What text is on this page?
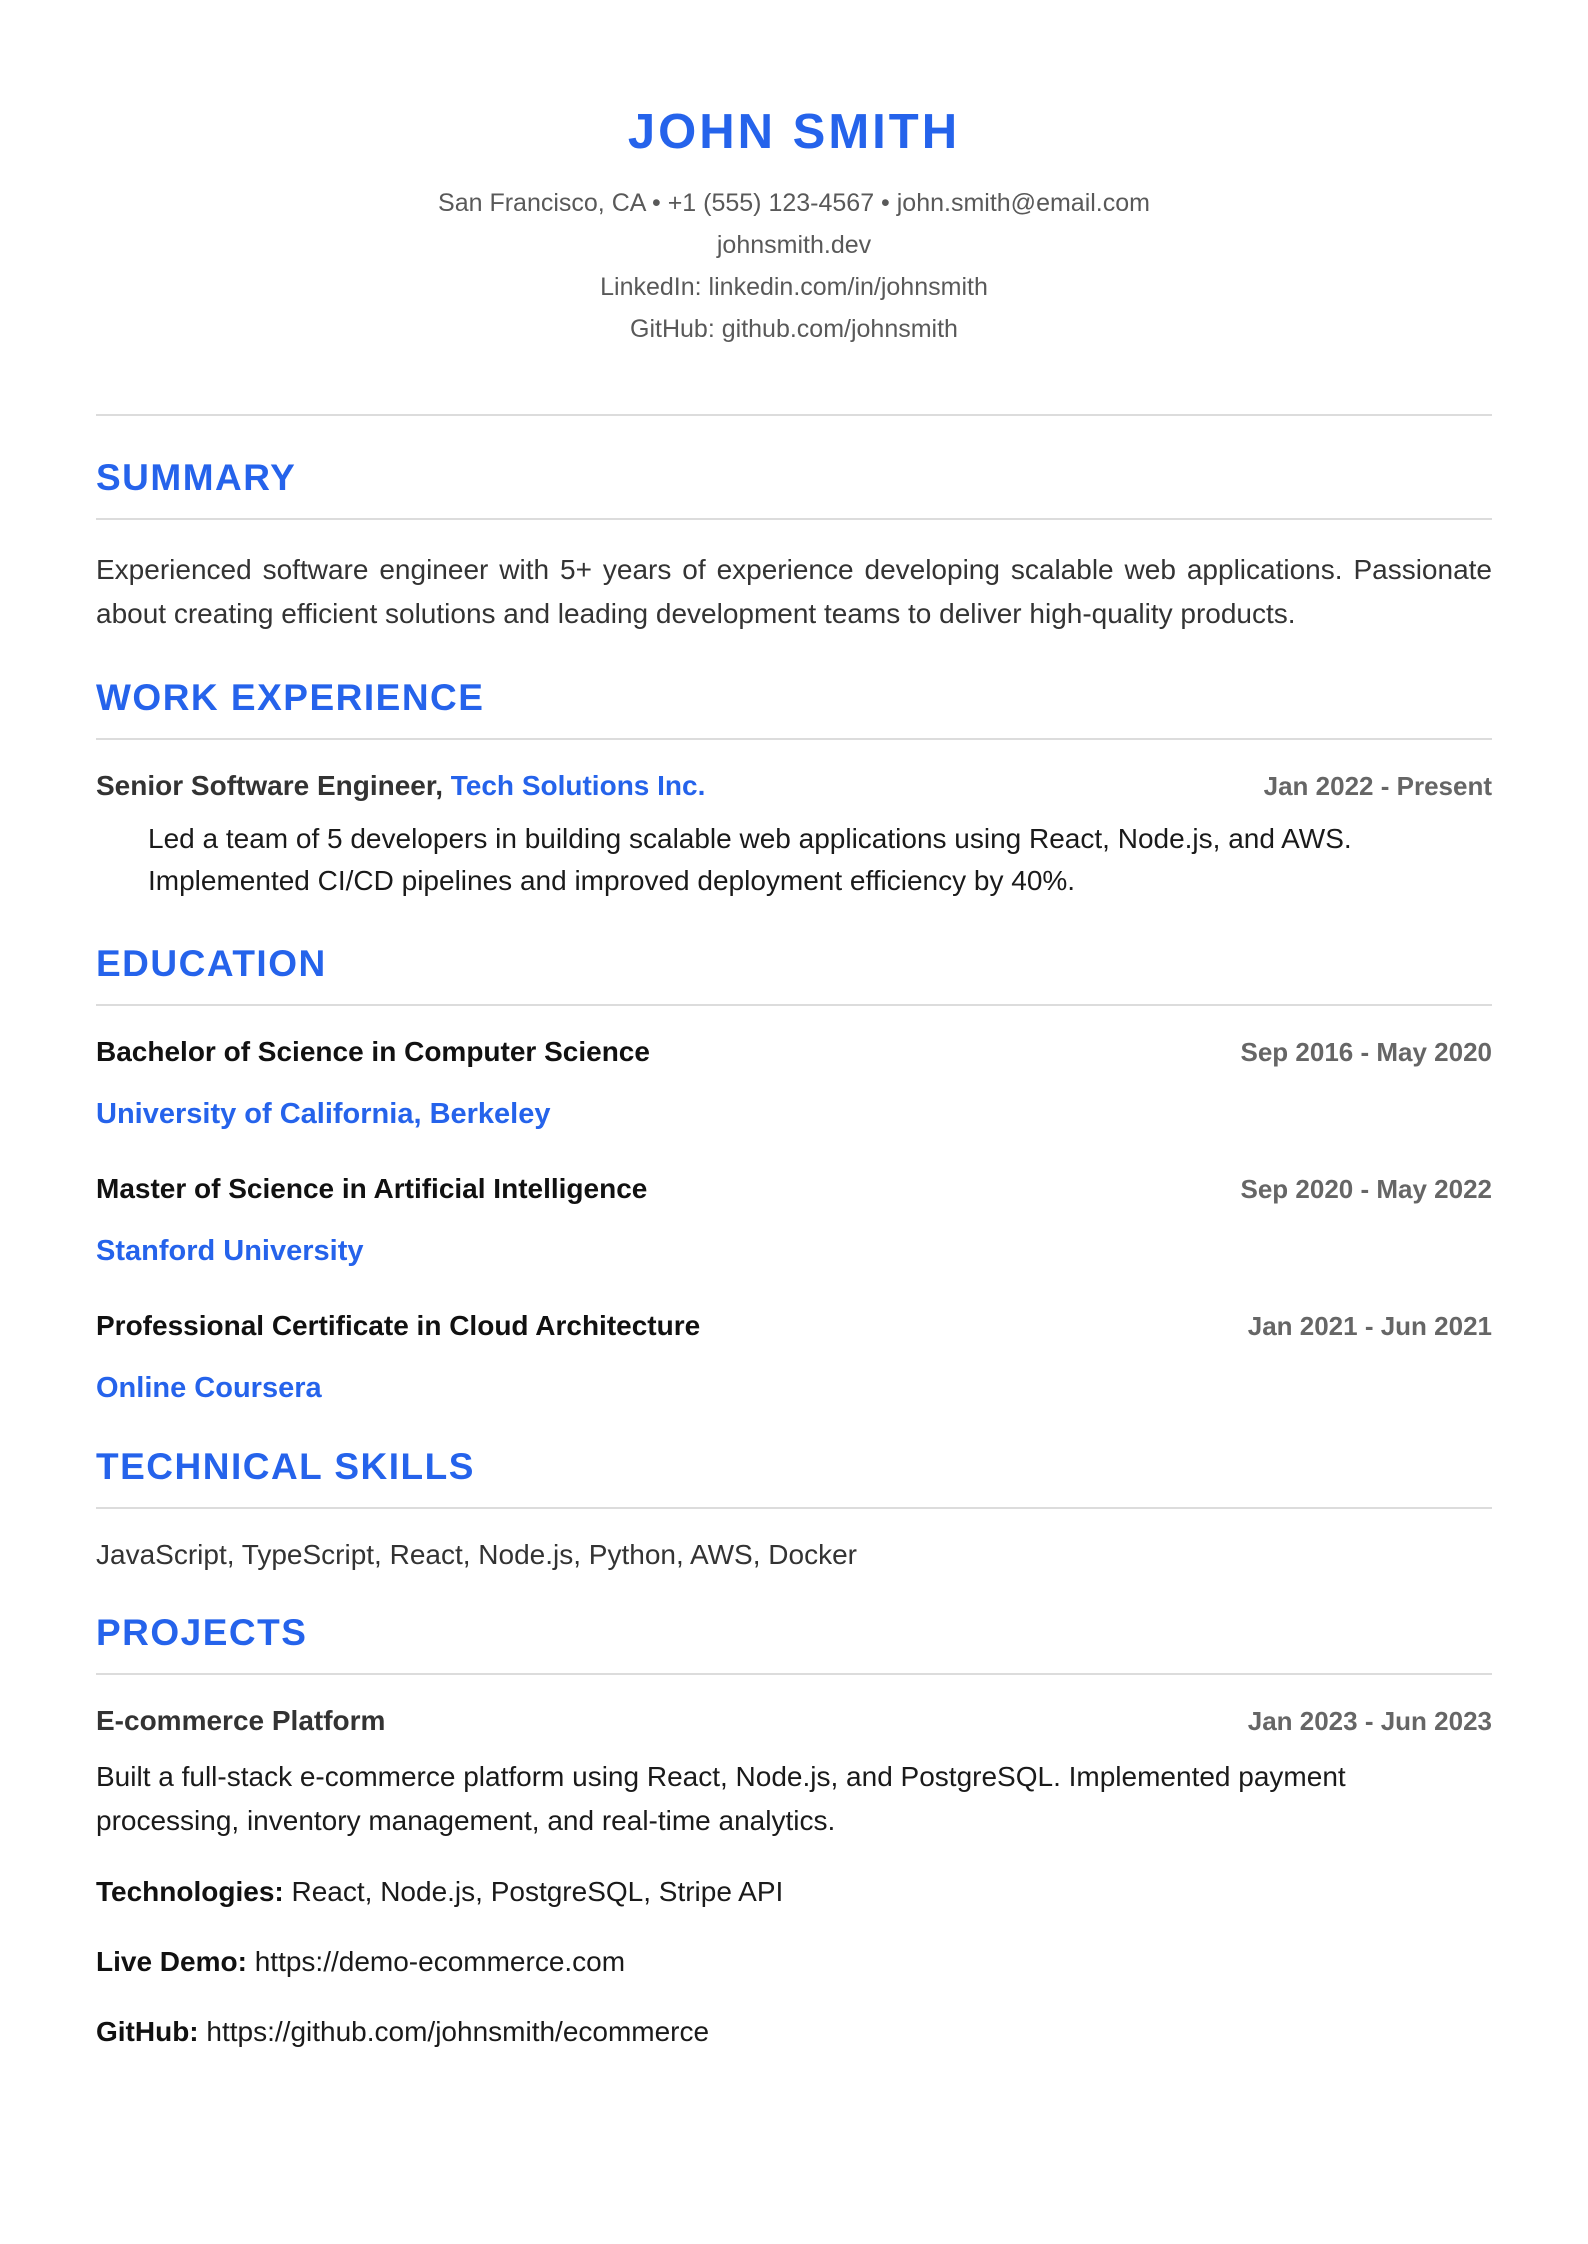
JOHN SMITH
San Francisco, CA • +1 (555) 123-4567 • john.smith@email.com
johnsmith.dev
LinkedIn: linkedin.com/in/johnsmith
GitHub: github.com/johnsmith
SUMMARY

Experienced software engineer with 5+ years of experience developing scalable web applications. Passionate about creating efficient solutions and leading development teams to deliver high-quality products.

WORK EXPERIENCE
Senior Software Engineer, Tech Solutions Inc.	Jan 2022 - Present

Led a team of 5 developers in building scalable web applications using React, Node.js, and AWS. Implemented CI/CD pipelines and improved deployment efficiency by 40%.

EDUCATION
Bachelor of Science in Computer Science	Sep 2016 - May 2020
University of California, Berkeley
Master of Science in Artificial Intelligence	Sep 2020 - May 2022
Stanford University
Professional Certificate in Cloud Architecture	Jan 2021 - Jun 2021
Online Coursera
TECHNICAL SKILLS
JavaScript, TypeScript, React, Node.js, Python, AWS, Docker
PROJECTS
E-commerce Platform	Jan 2023 - Jun 2023

Built a full-stack e-commerce platform using React, Node.js, and PostgreSQL. Implemented payment processing, inventory management, and real-time analytics.

Technologies: React, Node.js, PostgreSQL, Stripe API
Live Demo: https://demo-ecommerce.com
GitHub: https://github.com/johnsmith/ecommerce
